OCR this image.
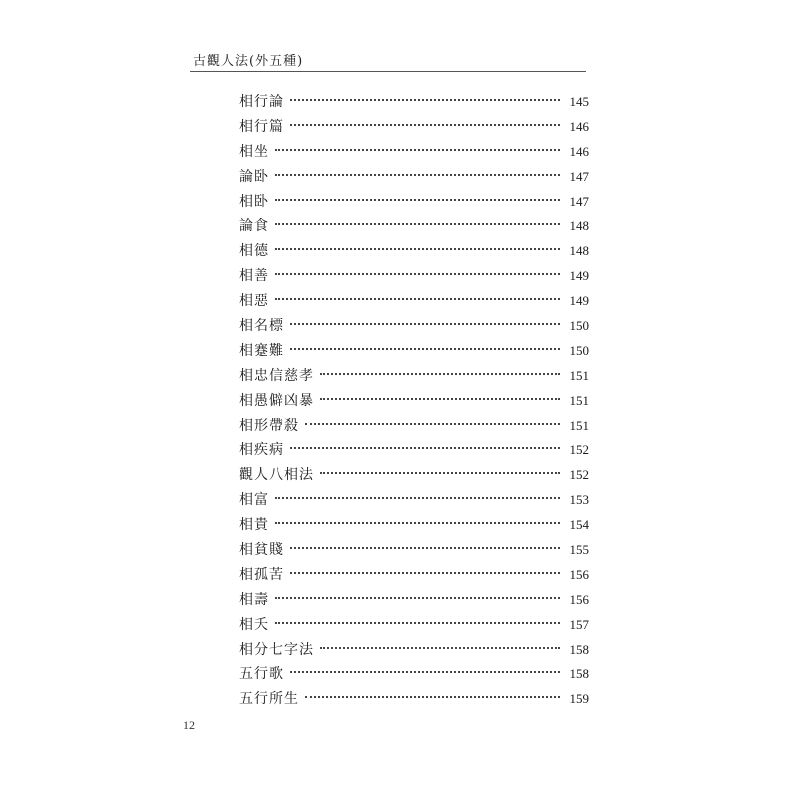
古觀人法(外五種)
相行論	145
相行篇	146
相坐	146
論卧	147
相卧	147
論食	148
相德	148
相善	149
相惡	149
相名標	150
相蹇難	150
相忠信慈孝	151
相愚僻凶暴	151
相形帶殺	151
相疾病	152
觀人八相法	152
相富	153
相貴	154
相貧賤	155
相孤苦	156
相壽	156
相夭	157
相分七字法	158
五行歌	158
五行所生	159
12
